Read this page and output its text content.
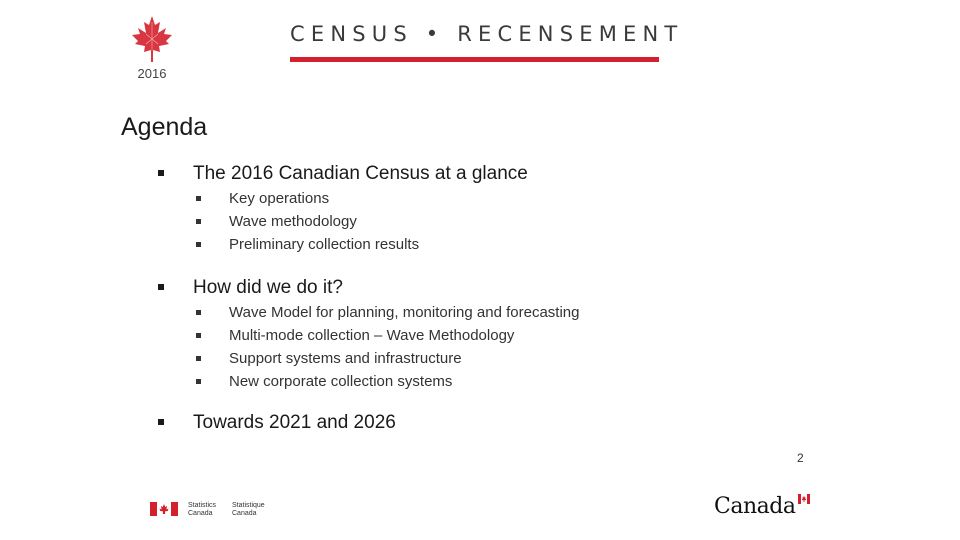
2016
CENSUS • RECENSEMENT
Agenda
The 2016 Canadian Census at a glance
Key operations
Wave methodology
Preliminary collection results
How did we do it?
Wave Model for planning, monitoring and forecasting
Multi-mode collection – Wave Methodology
Support systems and infrastructure
New corporate collection systems
Towards 2021 and 2026
2
Statistics
Canada
Statistique
Canada	Canada
